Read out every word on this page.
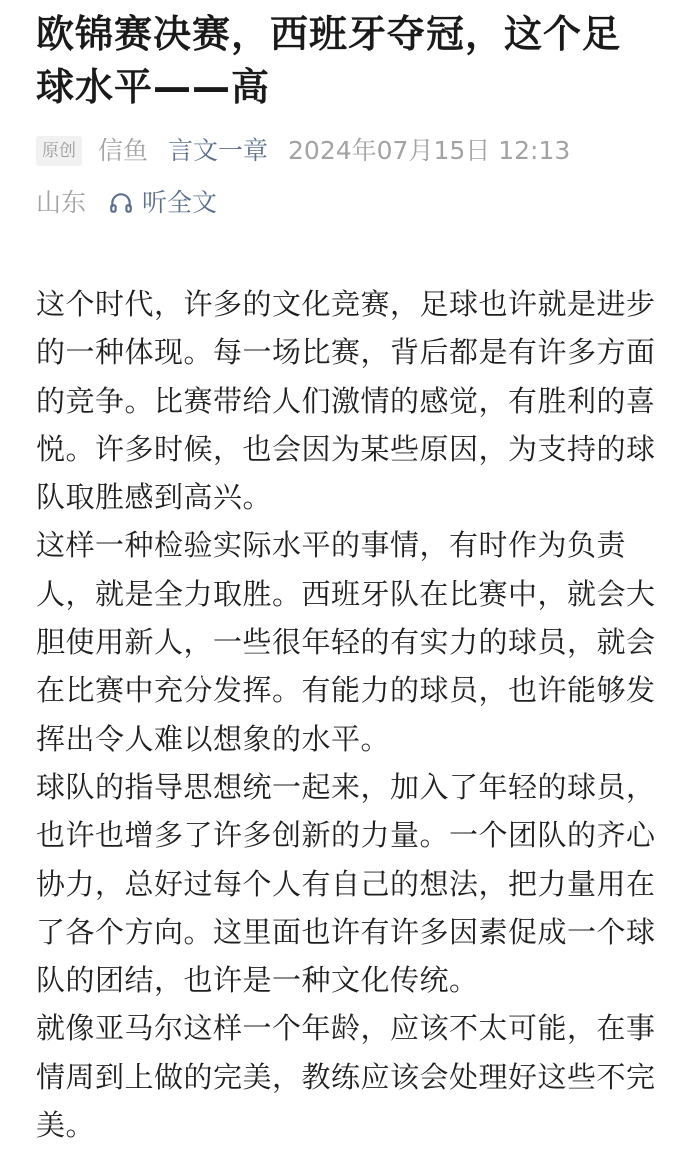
欧锦赛决赛，西班牙夺冠，这个足球水平——高
原创 信鱼 言文一章 2024年07月15日 12:13
山东 听全文

这个时代，许多的文化竞赛，足球也许就是进步的一种体现。每一场比赛，背后都是有许多方面的竞争。比赛带给人们激情的感觉，有胜利的喜悦。许多时候，也会因为某些原因，为支持的球队取胜感到高兴。

这样一种检验实际水平的事情，有时作为负责人，就是全力取胜。西班牙队在比赛中，就会大胆使用新人，一些很年轻的有实力的球员，就会在比赛中充分发挥。有能力的球员，也许能够发挥出令人难以想象的水平。

球队的指导思想统一起来，加入了年轻的球员，也许也增多了许多创新的力量。一个团队的齐心协力，总好过每个人有自己的想法，把力量用在了各个方向。这里面也许有许多因素促成一个球队的团结，也许是一种文化传统。

就像亚马尔这样一个年龄，应该不太可能，在事情周到上做的完美，教练应该会处理好这些不完美。
